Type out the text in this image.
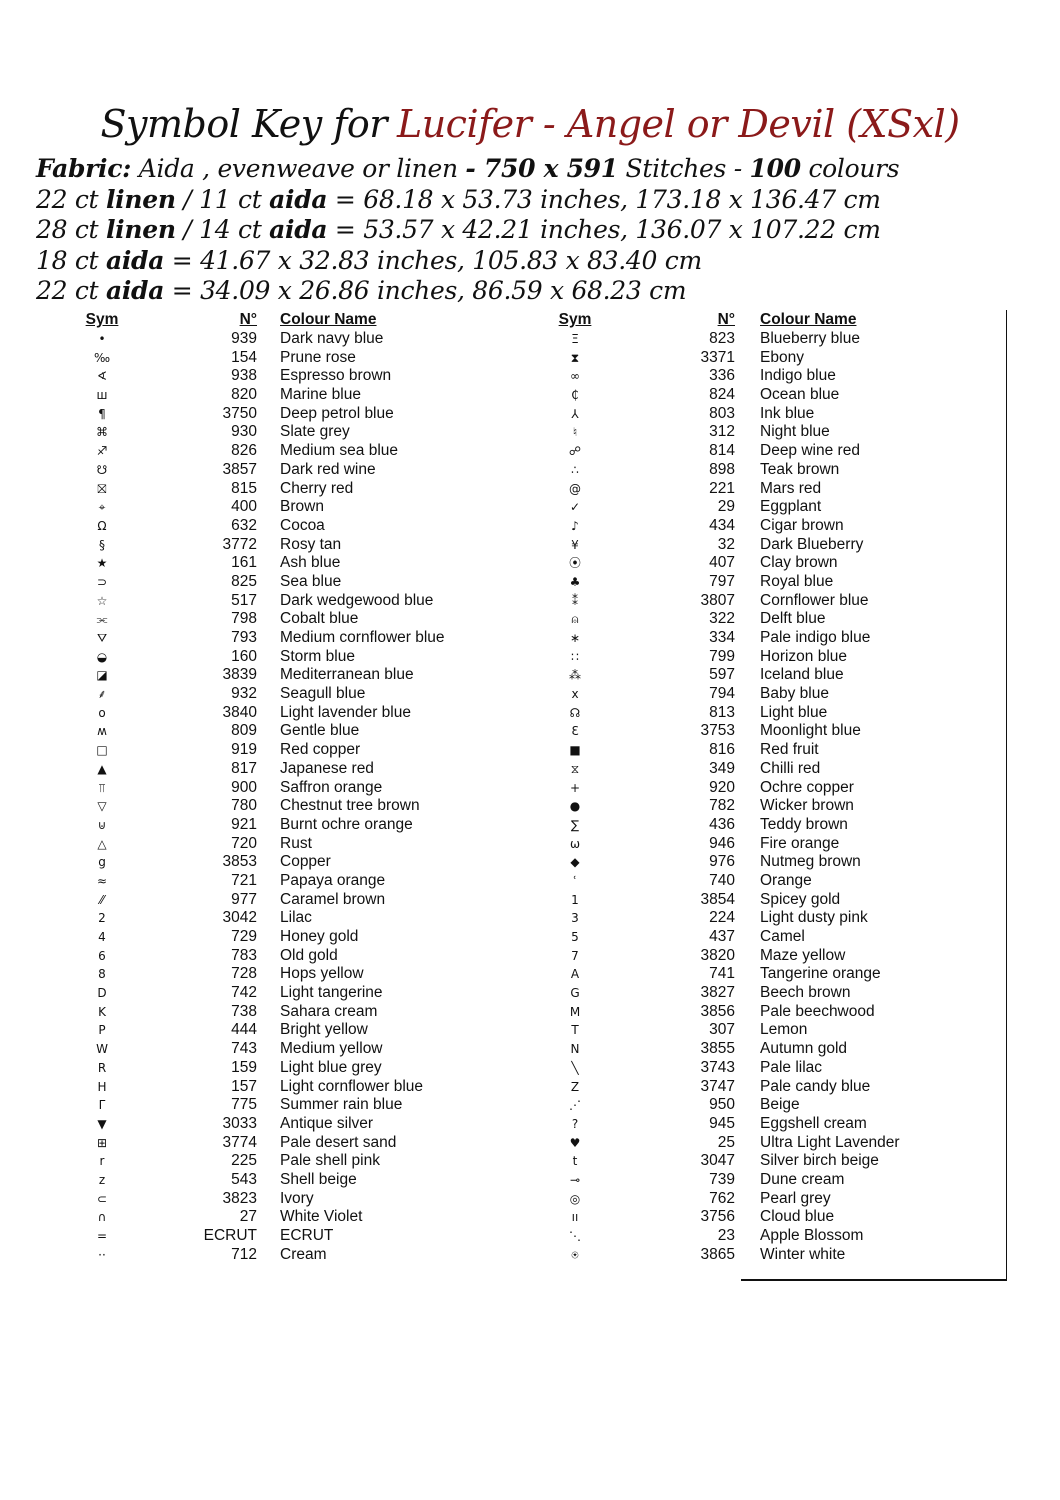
Symbol Key for Lucifer - Angel or Devil (XSxl)
Fabric: Aida , evenweave or linen - 750 x 591 Stitches - 100 colours
22 ct linen / 11 ct aida = 68.18 x 53.73 inches, 173.18 x 136.47 cm
28 ct linen / 14 ct aida = 53.57 x 42.21 inches, 136.07 x 107.22 cm
18 ct aida = 41.67 x 32.83 inches, 105.83 x 83.40 cm
22 ct aida = 34.09 x 26.86 inches, 86.59 x 68.23 cm
Sym	N°	Colour Name
•	939	Dark navy blue
‰	154	Prune rose
∢	938	Espresso brown
ш	820	Marine blue
¶	3750	Deep petrol blue
⌘	930	Slate grey
♐	826	Medium sea blue
☋	3857	Dark red wine
⛝	815	Cherry red
⌖	400	Brown
Ω	632	Cocoa
§	3772	Rosy tan
★	161	Ash blue
⊃	825	Sea blue
☆	517	Dark wedgewood blue
⫘	798	Cobalt blue
⛛	793	Medium cornflower blue
◒	160	Storm blue
◪	3839	Mediterranean blue
⸙	932	Seagull blue
o	3840	Light lavender blue
ʍ	809	Gentle blue
□	919	Red copper
▲	817	Japanese red
⫪	900	Saffron orange
▽	780	Chestnut tree brown
⊍	921	Burnt ochre orange
△	720	Rust
g	3853	Copper
≈	721	Papaya orange
⁄⁄	977	Caramel brown
2	3042	Lilac
4	729	Honey gold
6	783	Old gold
8	728	Hops yellow
D	742	Light tangerine
K	738	Sahara cream
P	444	Bright yellow
W	743	Medium yellow
R	159	Light blue grey
H	157	Light cornflower blue
Γ	775	Summer rain blue
▼	3033	Antique silver
⊞	3774	Pale desert sand
r	225	Pale shell pink
z	543	Shell beige
⊂	3823	Ivory
∩	27	White Violet
=	ECRUT	ECRUT
··	712	Cream
Sym	N°	Colour Name
Ξ	823	Blueberry blue
⧗	3371	Ebony
∞	336	Indigo blue
₵	824	Ocean blue
⅄	803	Ink blue
♮	312	Night blue
☍	814	Deep wine red
∴	898	Teak brown
@	221	Mars red
✓	29	Eggplant
♪	434	Cigar brown
¥	32	Dark Blueberry
⦿	407	Clay brown
♣	797	Royal blue
⁑	3807	Cornflower blue
⍝	322	Delft blue
∗	334	Pale indigo blue
∷	799	Horizon blue
⁂	597	Iceland blue
x	794	Baby blue
☊	813	Light blue
Ɛ	3753	Moonlight blue
■	816	Red fruit
⧖	349	Chilli red
+	920	Ochre copper
●	782	Wicker brown
∑	436	Teddy brown
ω	946	Fire orange
◆	976	Nutmeg brown
ʿ	740	Orange
1	3854	Spicey gold
3	224	Light dusty pink
5	437	Camel
7	3820	Maze yellow
A	741	Tangerine orange
G	3827	Beech brown
M	3856	Pale beechwood
T	307	Lemon
N	3855	Autumn gold
╲	3743	Pale lilac
Z	3747	Pale candy blue
⋰	950	Beige
?	945	Eggshell cream
♥	25	Ultra Light Lavender
t	3047	Silver birch beige
⊸	739	Dune cream
◎	762	Pearl grey
ıı	3756	Cloud blue
⋱	23	Apple Blossom
⍟	3865	Winter white
